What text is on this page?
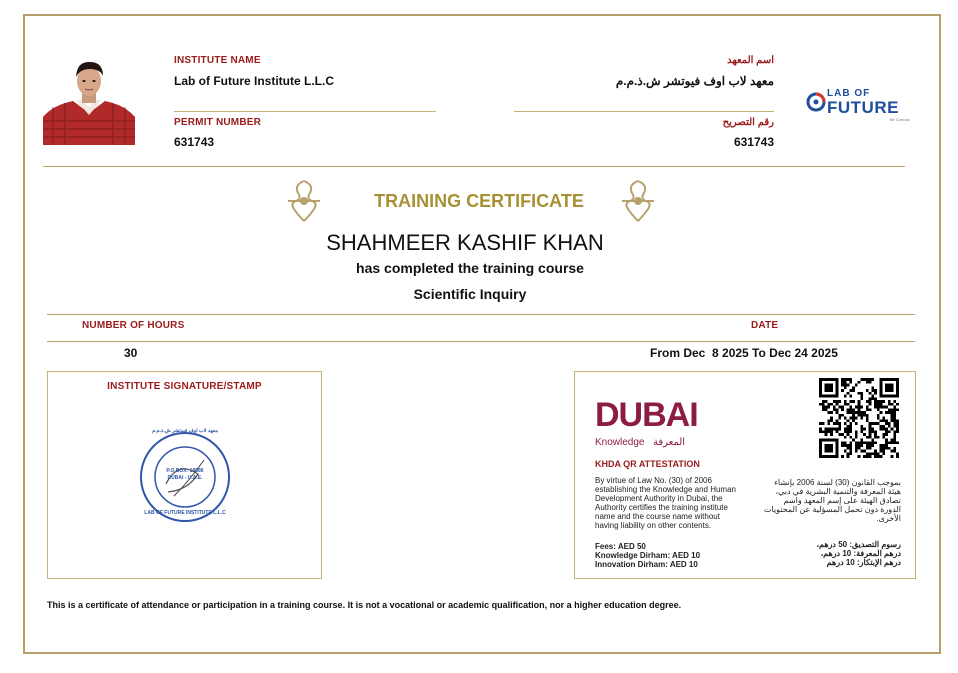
INSTITUTE NAME
Lab of Future Institute L.L.C
PERMIT NUMBER
631743
اسم المعهد
معهد لاب اوف فيوتشر ش.ذ.م.م
رقم التصريح
631743
LAB OF
FUTURE
Be Curious
TRAINING CERTIFICATE
SHAHMEER KASHIF KHAN
has completed the training course
Scientific Inquiry
NUMBER OF HOURS	DATE
30	From Dec  8 2025 To Dec 24 2025
INSTITUTE SIGNATURE/STAMP
معهد لاب اوف فيوتشر ش.ذ.م.م
P.O.BOX: 19586
DUBAI - U.A.E.
LAB OF FUTURE INSTITUTE L.L.C
DUBAI
Knowledge المعرفة
KHDA QR ATTESTATION
By virtue of Law No. (30) of 2006 establishing the Knowledge and Human Development Authority in Dubai, the Authority certifies the training institute name and the course name without having liability on other contents.
Fees: AED 50
Knowledge Dirham: AED 10
Innovation Dirham: AED 10
بموجب القانون (30) لسنة 2006 بإنشاء هيئة المعرفة والتنمية البشرية في دبي، تصادق الهيئة على إسم المعهد واسم الدورة دون تحمل المسؤلية عن المحتويات الأخرى.
رسوم التصديق: 50 درهم،
درهم المعرفة: 10 درهم،
درهم الإبتكار: 10 درهم
This is a certificate of attendance or participation in a training course. It is not a vocational or academic qualification, nor a higher education degree.
